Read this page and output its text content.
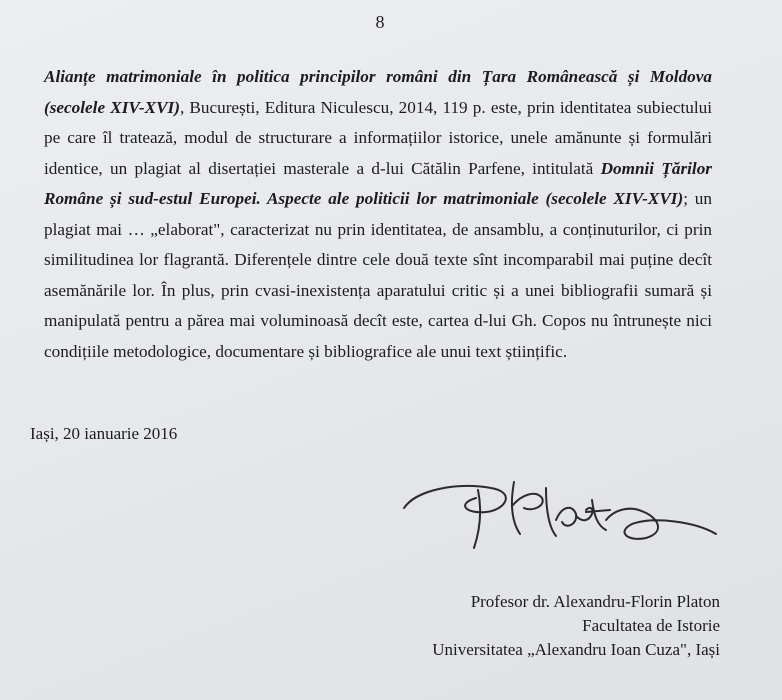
8

Alianțe matrimoniale în politica principilor români din Țara Românească și Moldova (secolele XIV-XVI), București, Editura Niculescu, 2014, 119 p. este, prin identitatea subiectului pe care îl tratează, modul de structurare a informațiilor istorice, unele amănunte și formulări identice, un plagiat al disertației masterale a d-lui Cătălin Parfene, intitulată Domnii Țărilor Române și sud-estul Europei. Aspecte ale politicii lor matrimoniale (secolele XIV-XVI); un plagiat mai … „elaborat", caracterizat nu prin identitatea, de ansamblu, a conținuturilor, ci prin similitudinea lor flagrantă. Diferențele dintre cele două texte sînt incomparabil mai puține decît asemănările lor. În plus, prin cvasi-inexistența aparatului critic și a unei bibliografii sumară și manipulată pentru a părea mai voluminoasă decît este, cartea d-lui Gh. Copos nu întrunește nici condițiile metodologice, documentare și bibliografice ale unui text științific.

Iași, 20 ianuarie 2016
Profesor dr. Alexandru-Florin Platon
Facultatea de Istorie
Universitatea „Alexandru Ioan Cuza", Iași
